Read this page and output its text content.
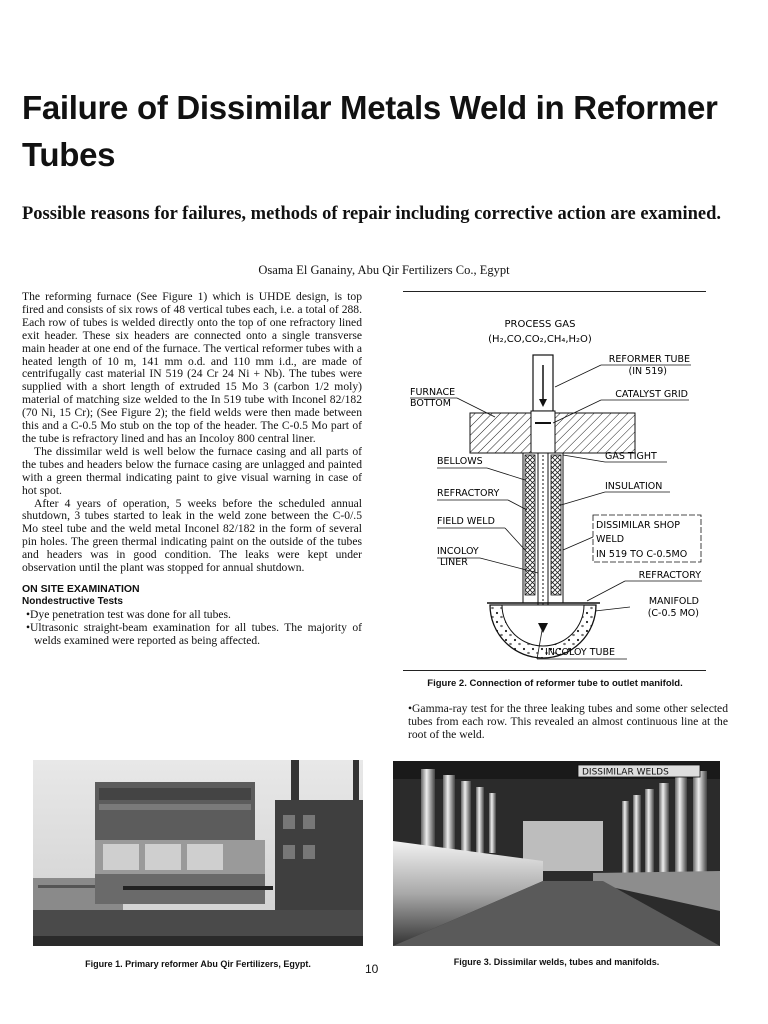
Failure of Dissimilar Metals Weld in Reformer Tubes
Possible reasons for failures, methods of repair including corrective action are examined.
Osama El Ganainy, Abu Qir Fertilizers Co., Egypt

The reforming furnace (See Figure 1) which is UHDE design, is top fired and consists of six rows of 48 vertical tubes each, i.e. a total of 288. Each row of tubes is welded directly onto the top of one refractory lined exit header. These six headers are connected onto a single transverse main header at one end of the furnace. The vertical reformer tubes with a heated length of 10 m, 141 mm o.d. and 110 mm i.d., are made of centrifugally cast material IN 519 (24 Cr 24 Ni + Nb). The tubes were supplied with a short length of extruded 15 Mo 3 (carbon 1/2 moly) material of matching size welded to the In 519 tube with Inconel 82/182 (70 Ni, 15 Cr); (See Figure 2); the field welds were then made between this and a C-0.5 Mo stub on the top of the header. The C-0.5 Mo part of the tube is refractory lined and has an Incoloy 800 central liner.

The dissimilar weld is well below the furnace casing and all parts of the tubes and headers below the furnace casing are unlagged and painted with a green thermal indicating paint to give visual warning in case of hot spot.

After 4 years of operation, 5 weeks before the scheduled annual shutdown, 3 tubes started to leak in the weld zone between the C-0/.5 Mo steel tube and the weld metal Inconel 82/182 in the form of several pin holes. The green thermal indicating paint on the outside of the tubes and headers was in good condition. The leaks were kept under observation until the plant was stopped for annual shutdown.

ON SITE EXAMINATION

Nondestructive Tests

•Dye penetration test was done for all tubes.

•Ultrasonic straight-beam examination for all tubes. The majority of welds examined were reported as being affected.

PROCESS GAS
(H₂,CO,CO₂,CH₄,H₂O)
REFORMER TUBE
(IN 519)
CATALYST GRID
FURNACE
BOTTOM
BELLOWS	GAS TIGHT
INSULATION
REFRACTORY
FIELD WELD	DISSIMILAR SHOP
WELD
IN 519 TO C-0.5MO
INCOLOY
LINER
REFRACTORY
MANIFOLD
(C-0.5 MO)
INCOLOY TUBE
Figure 2. Connection of reformer tube to outlet manifold.

•Gamma-ray test for the three leaking tubes and some other selected tubes from each row. This revealed an almost continuous line at the root of the weld.

Figure 1. Primary reformer Abu Qir Fertilizers, Egypt.
DISSIMILAR WELDS
Figure 3. Dissimilar welds, tubes and manifolds.
10
